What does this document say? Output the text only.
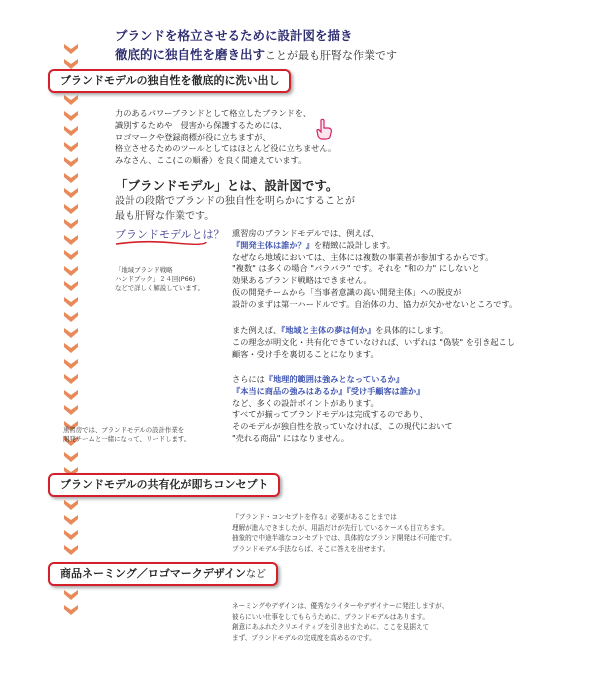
ブランドを格立させるために設計図を描き
徹底的に独自性を磨き出すことが最も肝腎な作業です
ブランドモデルの独自性を徹底的に洗い出し
力のあるパワーブランドとして格立したブランドを、
識別するためや　侵害から保護するためには、
ロゴマークや登録商標が役に立ちますが、
格立させるためのツールとしてはほとんど役に立ちません。
みなさん、ここ(この順番）を良く間違えています。
「ブランドモデル」とは、設計図です。
設計の段階でブランドの独自性を明らかにすることが
最も肝腎な作業です。
ブランドモデルとは？
「地域ブランド戦略
ハンドブック」２４回(P66)
などで詳しく解説しています。
熏習房のブランドモデルでは、例えば、
『開発主体は誰か？』を精緻に設計します。
なぜなら地域においては、主体には複数の事業者が参加するからです。
"複数" は多くの場合 "バラバラ" です。それを "和の力" にしないと
効果あるブランド戦略はできません。
仮の開発チームから「当事者意識の高い開発主体」への脱皮が
設計のまずは第一ハードルです。自治体の力、協力が欠かせないところです。
また例えば、『地域と主体の夢は何か』を具体的にします。
この理念が明文化・共有化できていなければ、いずれは "偽装" を引き起こし
顧客・受け手を裏切ることになります。
さらには『地理的範囲は強みとなっているか』
『本当に商品の強みはあるか』『受け手顧客は誰か』
など、多くの設計ポイントがあります。
すべてが揃ってブランドモデルは完成するのであり、
そのモデルが独自性を放っていなければ、この現代において
"売れる商品" にはなりません。
熏習房では、ブランドモデルの設計作業を
開発チームと一緒になって、リードします。
ブランドモデルの共有化が即ちコンセプト
『ブランド・コンセプトを作る』必要があることまでは
理解が進んできましたが、用語だけが先行しているケースも目立ちます。
抽象的で中途半端なコンセプトでは、具体的なブランド開発は不可能です。
ブランドモデル手法ならば、そこに答えを出せます。
商品ネーミング／ロゴマークデザインなど
ネーミングやデザインは、優秀なライターやデザイナーに発注しますが、
彼らにいい仕事をしてもらうために、ブランドモデルはあります。
創意にあふれたクリエイティブを引き出すために、ここを見据えて
まず、ブランドモデルの完成度を高めるのです。
